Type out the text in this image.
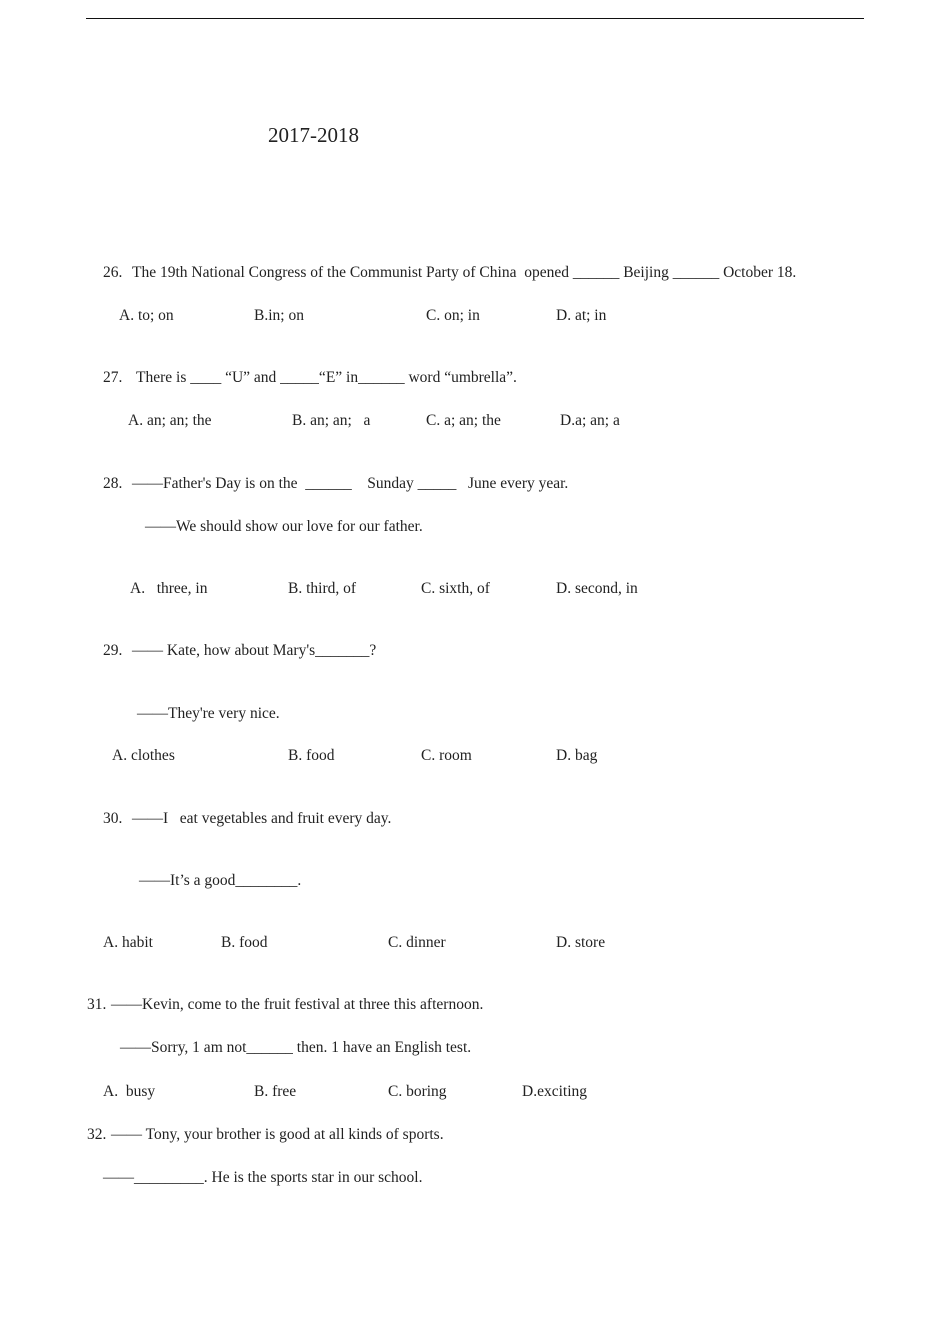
2017-2018
26. The 19th National Congress of the Communist Party of China  opened ______ Beijing ______ October 18.
A. to; on	B.in; on	C. on; in	D. at; in
27. There is ____ “U” and _____“E” in______ word “umbrella”.
A. an; an; the	B. an; an;   a	C. a; an; the	D.a; an; a
28. ——Father's Day is on the  ______    Sunday _____   June every year.
——We should show our love for our father.
A.   three, in	B. third, of	C. sixth, of	D. second, in
29. —— Kate, how about Mary's_______?
——They're very nice.
A. clothes	B. food	C. room	D. bag
30. ——I   eat vegetables and fruit every day.
——It’s a good________.
A. habit	B. food	C. dinner	D. store
31. ——Kevin, come to the fruit festival at three this afternoon.
——Sorry, 1 am not______ then. 1 have an English test.
A.  busy	B. free	C. boring	D.exciting
32. —— Tony, your brother is good at all kinds of sports.
——_________. He is the sports star in our school.
